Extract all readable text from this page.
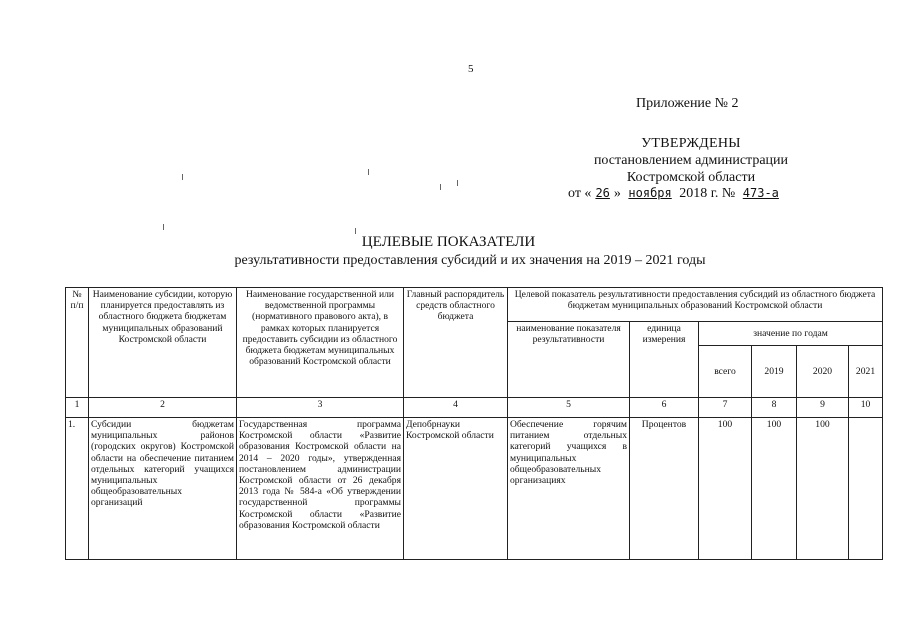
5
Приложение № 2
УТВЕРЖДЕНЫ
постановлением администрации
Костромской области
от « 26 » ноября 2018 г. № 473-а
ЦЕЛЕВЫЕ ПОКАЗАТЕЛИ
результативности предоставления субсидий и их значения на 2019 – 2021 годы
№ п/п	Наименование субсидии, которую планируется предоставлять из областного бюджета бюджетам муниципальных образований Костромской области	Наименование государственной или ведомственной программы (нормативного правового акта), в рамках которых планируется предоставить субсидии из областного бюджета бюджетам муниципальных образований Костромской области	Главный распорядитель средств областного бюджета	Целевой показатель результативности предоставления субсидий из областного бюджета бюджетам муниципальных образований Костромской области					
				наименование показателя результативности	единица измерения	значение по годам			
						всего	2019	2020	2021
1	2	3	4	5	6	7	8	9	10
1.	Субсидии бюджетам муниципальных районов (городских округов) Костромской области на обеспечение питанием отдельных категорий учащихся муниципальных общеобразовательных организаций	Государственная программа Костромской области «Развитие образования Костромской области на 2014 – 2020 годы», утвержденная постановлением администрации Костромской области от 26 декабря 2013 года № 584-а «Об утверждении государственной программы Костромской области «Развитие образования Костромской области	Депобрнауки Костромской области	Обеспечение горячим питанием отдельных категорий учащихся в муниципальных общеобразовательных организациях	Процентов	100	100	100	
